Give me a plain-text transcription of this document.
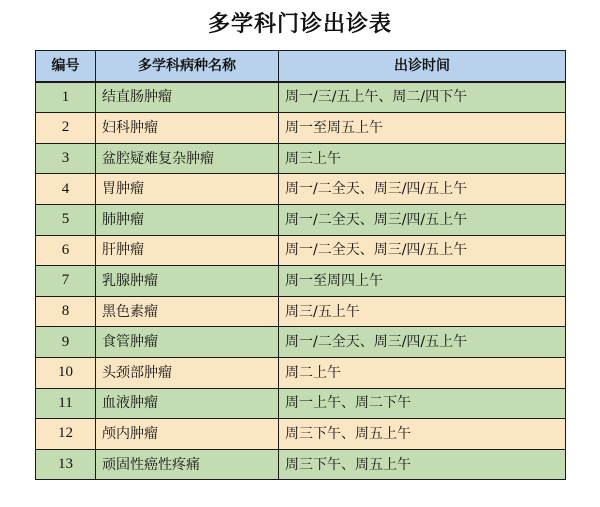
多学科门诊出诊表
编号	多学科病种名称	出诊时间
1	结直肠肿瘤	周一/三/五上午、周二/四下午
2	妇科肿瘤	周一至周五上午
3	盆腔疑难复杂肿瘤	周三上午
4	胃肿瘤	周一/二全天、周三/四/五上午
5	肺肿瘤	周一/二全天、周三/四/五上午
6	肝肿瘤	周一/二全天、周三/四/五上午
7	乳腺肿瘤	周一至周四上午
8	黑色素瘤	周三/五上午
9	食管肿瘤	周一/二全天、周三/四/五上午
10	头颈部肿瘤	周二上午
11	血液肿瘤	周一上午、周二下午
12	颅内肿瘤	周三下午、周五上午
13	顽固性癌性疼痛	周三下午、周五上午
